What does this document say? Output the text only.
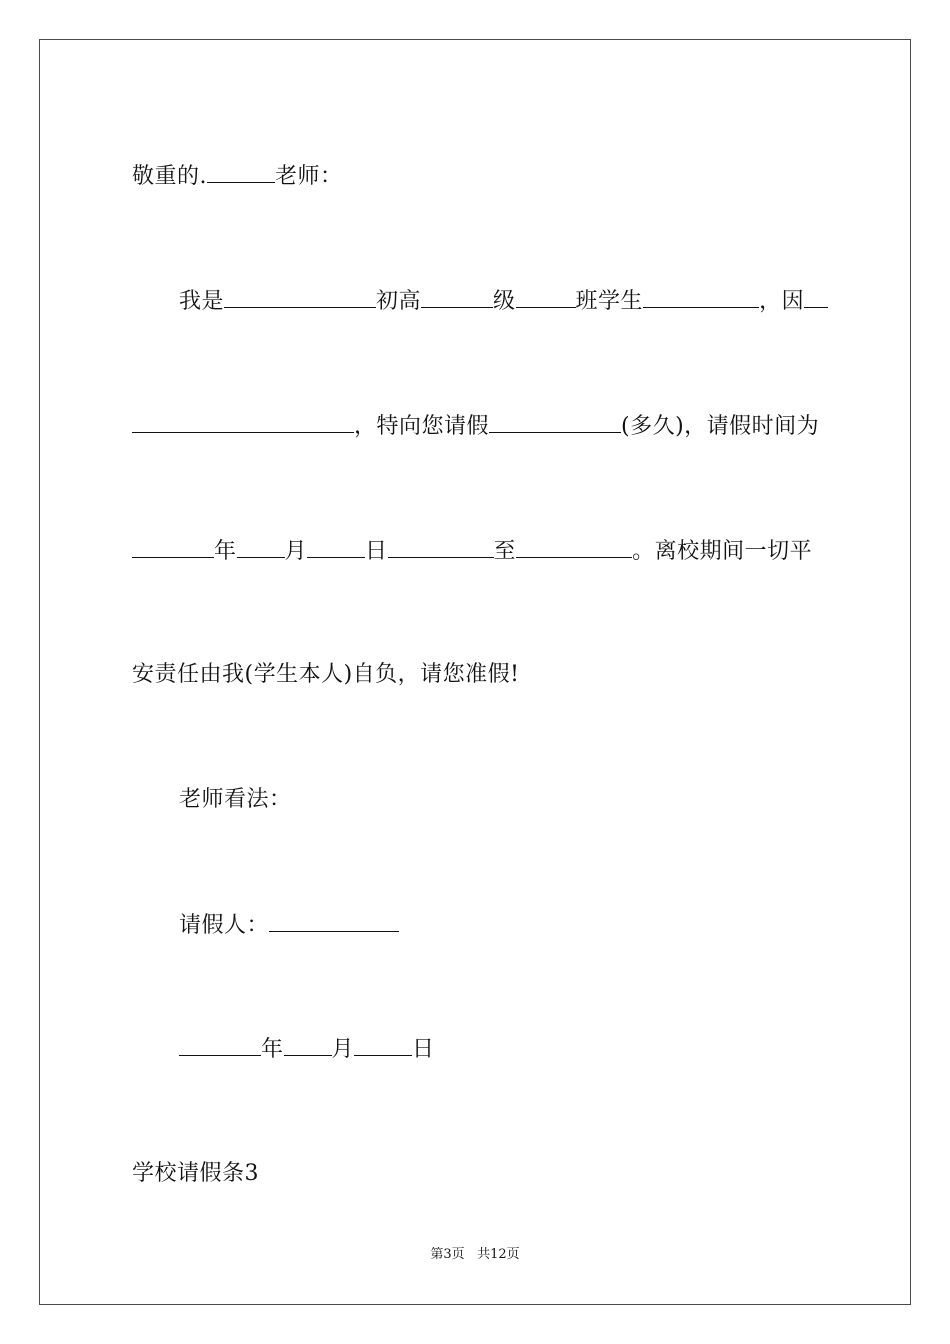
敬重的.	老师：

我是	初高	级	班学生	，因

，特向您请假	(多久)，请假时间为

年 月	日	至	。离校期间一切平

安责任由我(学生本人)自负，请您准假!

老师看法：

请假人：

年 月	日

学校请假条3

第3页 共12页
